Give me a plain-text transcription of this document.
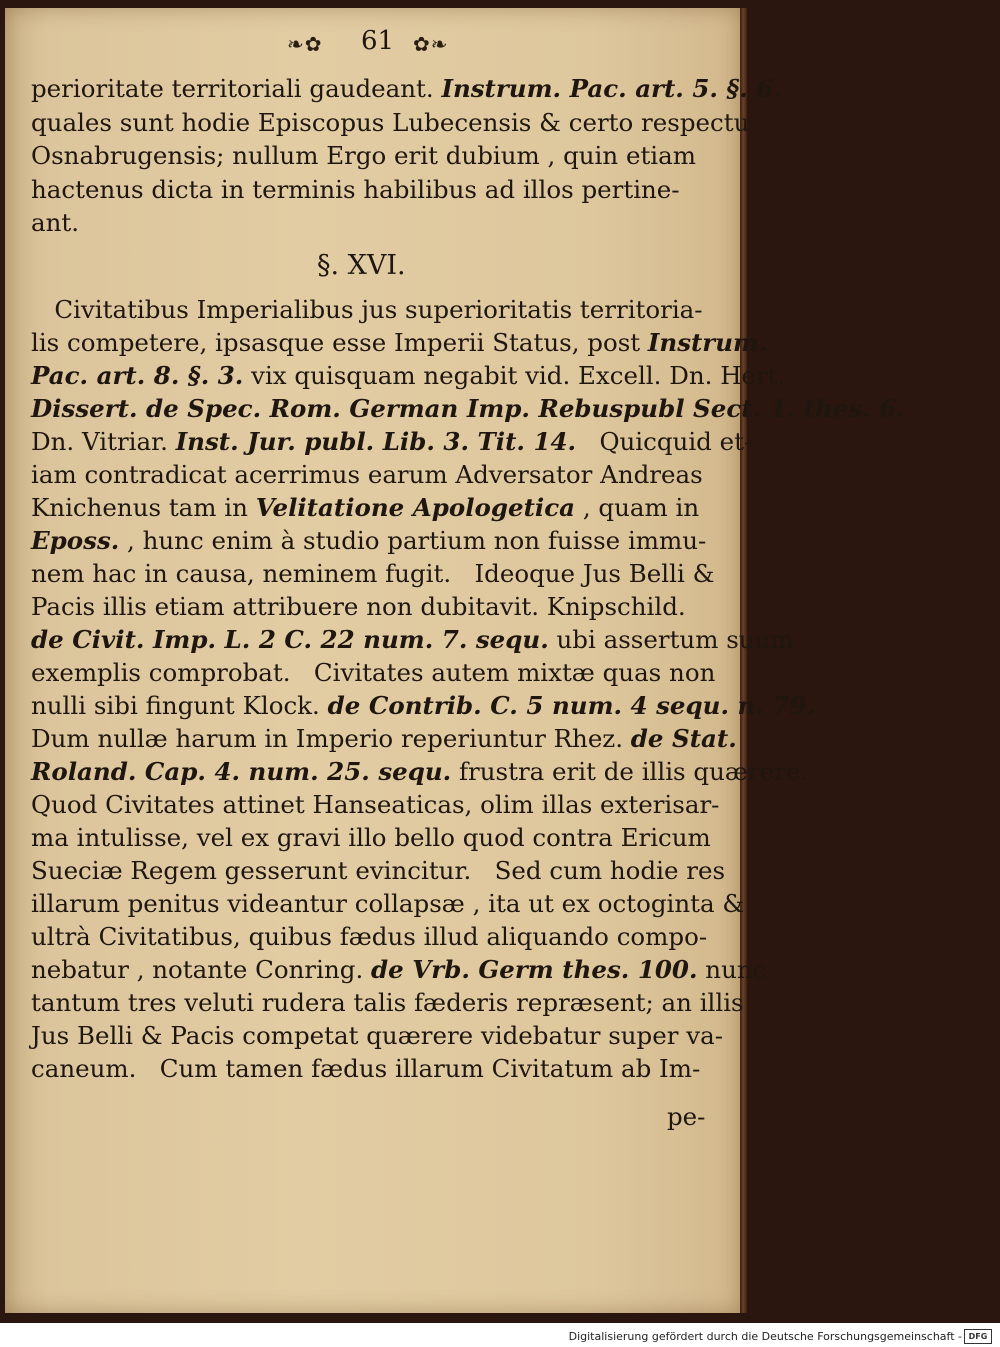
❧✿ 61 ✿❧
perioritate territoriali gaudeant. Instrum. Pac. art. 5. §. 6.
quales sunt hodie Episcopus Lubecensis & certo respectu
Osnabrugensis; nullum Ergo erit dubium , quin etiam
hactenus dicta in terminis habilibus ad illos pertine-
ant.
§. XVI.
Civitatibus Imperialibus jus superioritatis territoria-
lis competere, ipsasque esse Imperii Status, post Instrum.
Pac. art. 8. §. 3. vix quisquam negabit vid. Excell. Dn. Hert.
Dissert. de Spec. Rom. German Imp. Rebuspubl Sect. 1. thes. 6.
Dn. Vitriar. Inst. Jur. publ. Lib. 3. Tit. 14.   Quicquid et-
iam contradicat acerrimus earum Adversator Andreas
Knichenus tam in Velitatione Apologetica , quam in
Eposs. , hunc enim à studio partium non fuisse immu-
nem hac in causa, neminem fugit.   Ideoque Jus Belli &
Pacis illis etiam attribuere non dubitavit. Knipschild.
de Civit. Imp. L. 2 C. 22 num. 7. sequ. ubi assertum suum
exemplis comprobat.   Civitates autem mixtæ quas non
nulli sibi fingunt Klock. de Contrib. C. 5 num. 4 sequ. n. 79.
Dum nullæ harum in Imperio reperiuntur Rhez. de Stat.
Roland. Cap. 4. num. 25. sequ. frustra erit de illis quærere.
Quod Civitates attinet Hanseaticas, olim illas exterisar-
ma intulisse, vel ex gravi illo bello quod contra Ericum
Sueciæ Regem gesserunt evincitur.   Sed cum hodie res
illarum penitus videantur collapsæ , ita ut ex octoginta &
ultrà Civitatibus, quibus fædus illud aliquando compo-
nebatur , notante Conring. de Vrb. Germ thes. 100. nunc
tantum tres veluti rudera talis fæderis repræsent; an illis
Jus Belli & Pacis competat quærere videbatur super va-
caneum.   Cum tamen fædus illarum Civitatum ab Im-
pe-
Digitalisierung gefördert durch die Deutsche Forschungsgemeinschaft - DFG
